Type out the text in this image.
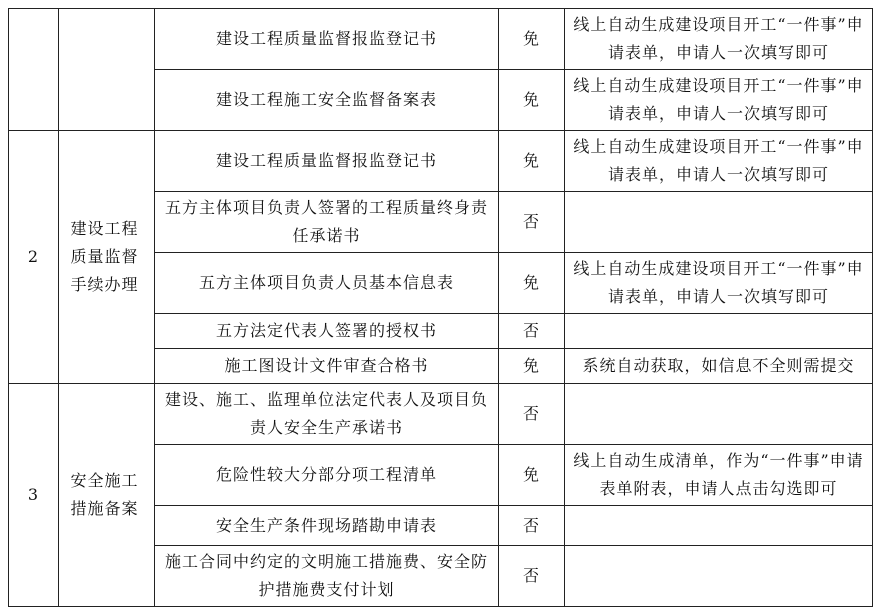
		建设工程质量监督报监登记书	免	线上自动生成建设项目开工“一件事”申请表单，申请人一次填写即可

		建设工程施工安全监督备案表	免	线上自动生成建设项目开工“一件事”申请表单，申请人一次填写即可

2	建设工程质量监督手续办理	建设工程质量监督报监登记书	免	线上自动生成建设项目开工“一件事”申请表单，申请人一次填写即可

		五方主体项目负责人签署的工程质量终身责任承诺书	否	
		五方主体项目负责人员基本信息表	免	线上自动生成建设项目开工“一件事”申请表单，申请人一次填写即可

		五方法定代表人签署的授权书	否	
		施工图设计文件审查合格书	免	系统自动获取，如信息不全则需提交

3	安全施工措施备案	建设、施工、监理单位法定代表人及项目负责人安全生产承诺书	否	
		危险性较大分部分项工程清单	免	线上自动生成清单，作为“一件事”申请表单附表，申请人点击勾选即可

		安全生产条件现场踏勘申请表	否	
		施工合同中约定的文明施工措施费、安全防护措施费支付计划	否	
